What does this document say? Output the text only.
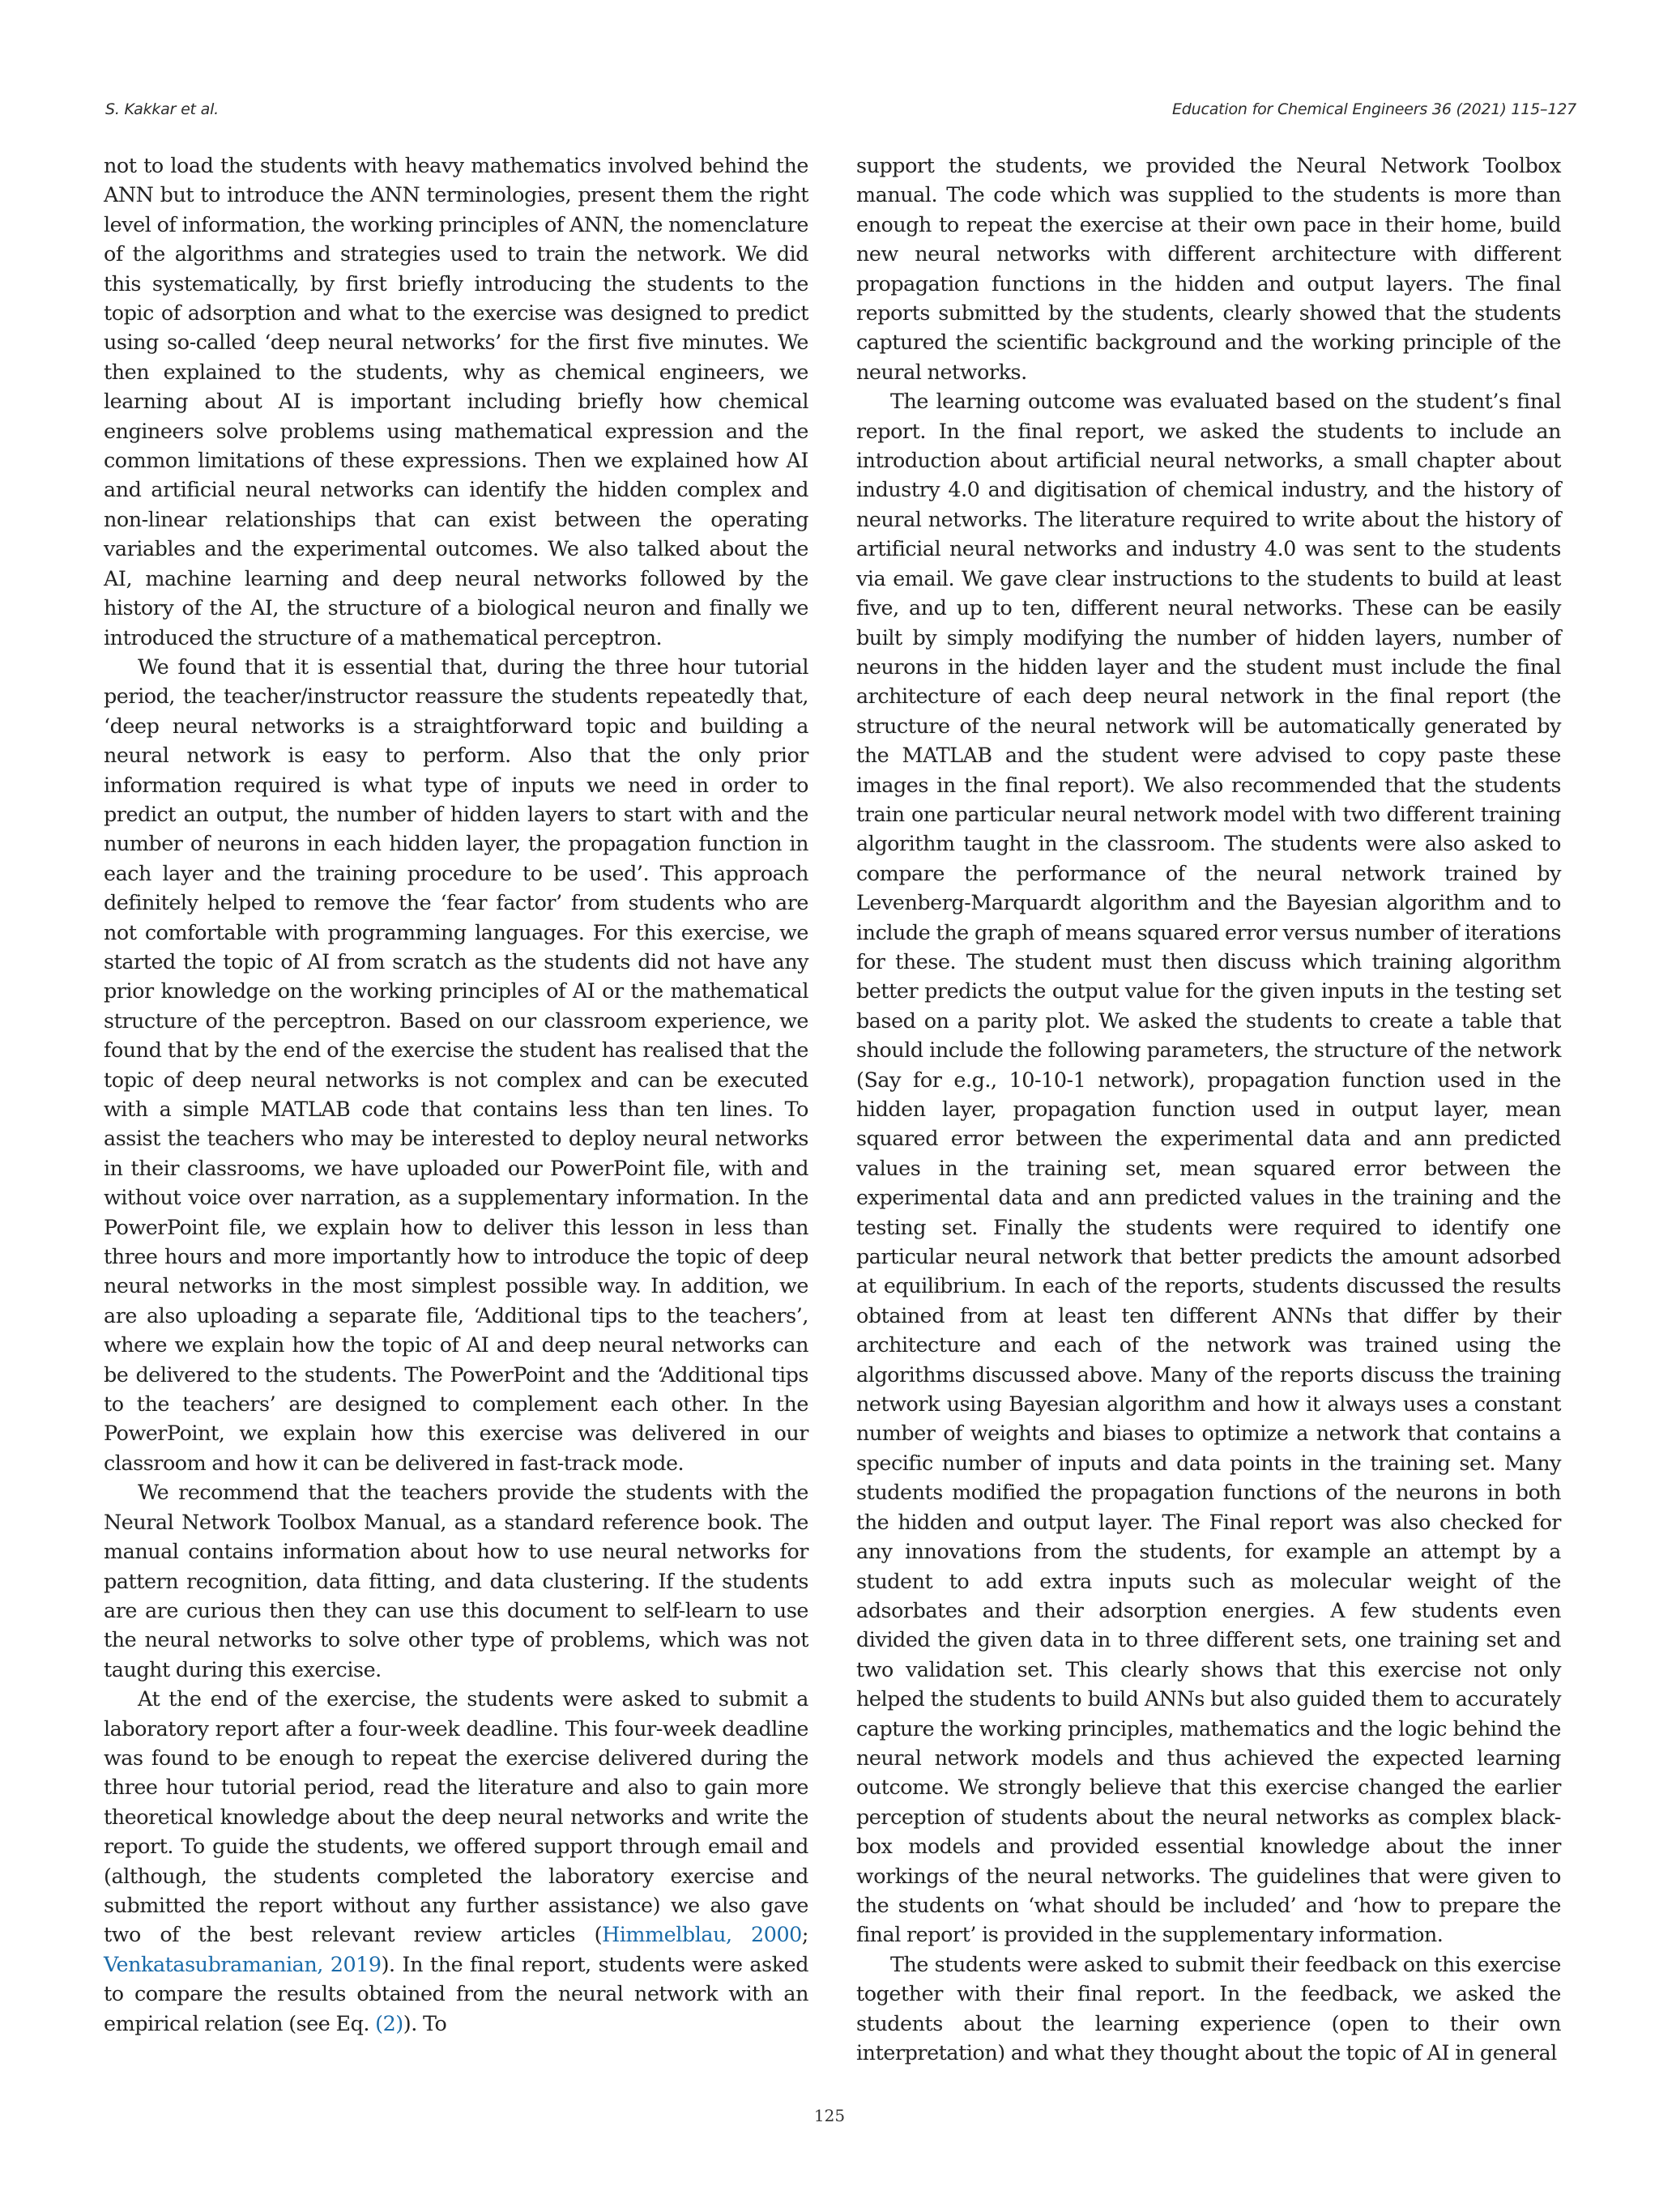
S. Kakkar et al.	Education for Chemical Engineers 36 (2021) 115–127

not to load the students with heavy mathematics involved behind the ANN but to introduce the ANN terminologies, present them the right level of information, the working principles of ANN, the nomenclature of the algorithms and strategies used to train the network. We did this systematically, by first briefly introducing the students to the topic of adsorption and what to the exercise was designed to predict using so-called ‘deep neural networks’ for the first five minutes. We then explained to the students, why as chemical engineers, we learning about AI is important including briefly how chemical engineers solve problems using mathematical expression and the common limitations of these expressions. Then we explained how AI and artificial neural networks can identify the hidden complex and non-linear relationships that can exist between the operating variables and the experimental outcomes. We also talked about the AI, machine learning and deep neural networks followed by the history of the AI, the structure of a biological neuron and finally we introduced the structure of a mathematical perceptron.

We found that it is essential that, during the three hour tutorial period, the teacher/instructor reassure the students repeatedly that, ‘deep neural networks is a straightforward topic and building a neural network is easy to perform. Also that the only prior information required is what type of inputs we need in order to predict an output, the number of hidden layers to start with and the number of neurons in each hidden layer, the propagation function in each layer and the training procedure to be used’. This approach definitely helped to remove the ‘fear factor’ from students who are not comfortable with programming languages. For this exercise, we started the topic of AI from scratch as the students did not have any prior knowledge on the working principles of AI or the mathematical structure of the perceptron. Based on our classroom experience, we found that by the end of the exercise the student has realised that the topic of deep neural networks is not complex and can be executed with a simple MATLAB code that contains less than ten lines. To assist the teachers who may be interested to deploy neural networks in their classrooms, we have uploaded our PowerPoint file, with and without voice over narration, as a supplementary information. In the PowerPoint file, we explain how to deliver this lesson in less than three hours and more importantly how to introduce the topic of deep neural networks in the most simplest possible way. In addition, we are also uploading a separate file, ‘Additional tips to the teachers’, where we explain how the topic of AI and deep neural networks can be delivered to the students. The PowerPoint and the ‘Additional tips to the teachers’ are designed to complement each other. In the PowerPoint, we explain how this exercise was delivered in our classroom and how it can be delivered in fast-track mode.

We recommend that the teachers provide the students with the Neural Network Toolbox Manual, as a standard reference book. The manual contains information about how to use neural networks for pattern recognition, data fitting, and data clustering. If the students are are curious then they can use this document to self-learn to use the neural networks to solve other type of problems, which was not taught during this exercise.

At the end of the exercise, the students were asked to submit a laboratory report after a four-week deadline. This four-week deadline was found to be enough to repeat the exercise delivered during the three hour tutorial period, read the literature and also to gain more theoretical knowledge about the deep neural networks and write the report. To guide the students, we offered support through email and (although, the students completed the laboratory exercise and submitted the report without any further assistance) we also gave two of the best relevant review articles (Himmelblau, 2000; Venkatasubramanian, 2019). In the final report, students were asked to compare the results obtained from the neural network with an empirical relation (see Eq. (2)). To

support the students, we provided the Neural Network Toolbox manual. The code which was supplied to the students is more than enough to repeat the exercise at their own pace in their home, build new neural networks with different architecture with different propagation functions in the hidden and output layers. The final reports submitted by the students, clearly showed that the students captured the scientific background and the working principle of the neural networks.

The learning outcome was evaluated based on the student’s final report. In the final report, we asked the students to include an introduction about artificial neural networks, a small chapter about industry 4.0 and digitisation of chemical industry, and the history of neural networks. The literature required to write about the history of artificial neural networks and industry 4.0 was sent to the students via email. We gave clear instructions to the students to build at least five, and up to ten, different neural networks. These can be easily built by simply modifying the number of hidden layers, number of neurons in the hidden layer and the student must include the final architecture of each deep neural network in the final report (the structure of the neural network will be automatically generated by the MATLAB and the student were advised to copy paste these images in the final report). We also recommended that the students train one particular neural network model with two different training algorithm taught in the classroom. The students were also asked to compare the performance of the neural network trained by Levenberg-Marquardt algorithm and the Bayesian algorithm and to include the graph of means squared error versus number of iterations for these. The student must then discuss which training algorithm better predicts the output value for the given inputs in the testing set based on a parity plot. We asked the students to create a table that should include the following parameters, the structure of the network (Say for e.g., 10-10-1 network), propagation function used in the hidden layer, propagation function used in output layer, mean squared error between the experimental data and ann predicted values in the training set, mean squared error between the experimental data and ann predicted values in the training and the testing set. Finally the students were required to identify one particular neural network that better predicts the amount adsorbed at equilibrium. In each of the reports, students discussed the results obtained from at least ten different ANNs that differ by their architecture and each of the network was trained using the algorithms discussed above. Many of the reports discuss the training network using Bayesian algorithm and how it always uses a constant number of weights and biases to optimize a network that contains a specific number of inputs and data points in the training set. Many students modified the propagation functions of the neurons in both the hidden and output layer. The Final report was also checked for any innovations from the students, for example an attempt by a student to add extra inputs such as molecular weight of the adsorbates and their adsorption energies. A few students even divided the given data in to three different sets, one training set and two validation set. This clearly shows that this exercise not only helped the students to build ANNs but also guided them to accurately capture the working principles, mathematics and the logic behind the neural network models and thus achieved the expected learning outcome. We strongly believe that this exercise changed the earlier perception of students about the neural networks as complex black-box models and provided essential knowledge about the inner workings of the neural networks. The guidelines that were given to the students on ‘what should be included’ and ‘how to prepare the final report’ is provided in the supplementary information.

The students were asked to submit their feedback on this exercise together with their final report. In the feedback, we asked the students about the learning experience (open to their own interpretation) and what they thought about the topic of AI in general

125
